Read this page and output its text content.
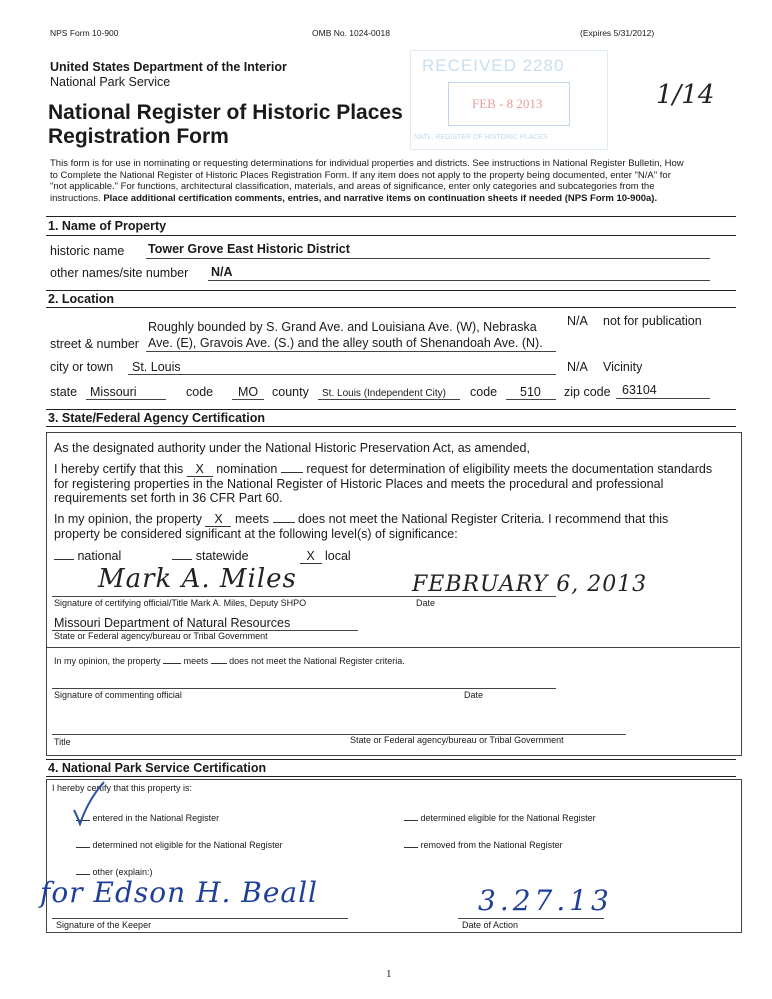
NPS Form 10-900	OMB No. 1024-0018	(Expires 5/31/2012)
United States Department of the Interior
National Park Service
National Register of Historic Places
Registration Form
1/14
RECEIVED 2280
FEB - 8 2013
NATL. REGISTER OF HISTORIC PLACES
This form is for use in nominating or requesting determinations for individual properties and districts. See instructions in National Register Bulletin, How
to Complete the National Register of Historic Places Registration Form. If any item does not apply to the property being documented, enter "N/A" for
"not applicable." For functions, architectural classification, materials, and areas of significance, enter only categories and subcategories from the
instructions. Place additional certification comments, entries, and narrative items on continuation sheets if needed (NPS Form 10-900a).
1. Name of Property
historic name Tower Grove East Historic District
other names/site number N/A
2. Location
Roughly bounded by S. Grand Ave. and Louisiana Ave. (W), Nebraska
street & number Ave. (E), Gravois Ave. (S.) and the alley south of Shenandoah Ave. (N).
N/A not for publication
city or town St. Louis	N/A Vicinity
state Missouri	code MO county St. Louis (Independent City) code 510 zip code 63104
3. State/Federal Agency Certification
As the designated authority under the National Historic Preservation Act, as amended,
I hereby certify that this X nomination request for determination of eligibility meets the documentation standards
for registering properties in the National Register of Historic Places and meets the procedural and professional
requirements set forth in 36 CFR Part 60.
In my opinion, the property X meets does not meet the National Register Criteria. I recommend that this
property be considered significant at the following level(s) of significance:
national	statewide	X local
Mark A. Miles	FEBRUARY 6, 2013
Signature of certifying official/Title Mark A. Miles, Deputy SHPO	Date
Missouri Department of Natural Resources
State or Federal agency/bureau or Tribal Government
In my opinion, the property	meets does not meet the National Register criteria.
Signature of commenting official	Date
Title	State or Federal agency/bureau or Tribal Government
4. National Park Service Certification
I hereby certify that this property is:
entered in the National Register	determined eligible for the National Register
determined not eligible for the National Register	removed from the National Register
other (explain:)
for Edson H. Beall	3.27.13
Signature of the Keeper	Date of Action
1
